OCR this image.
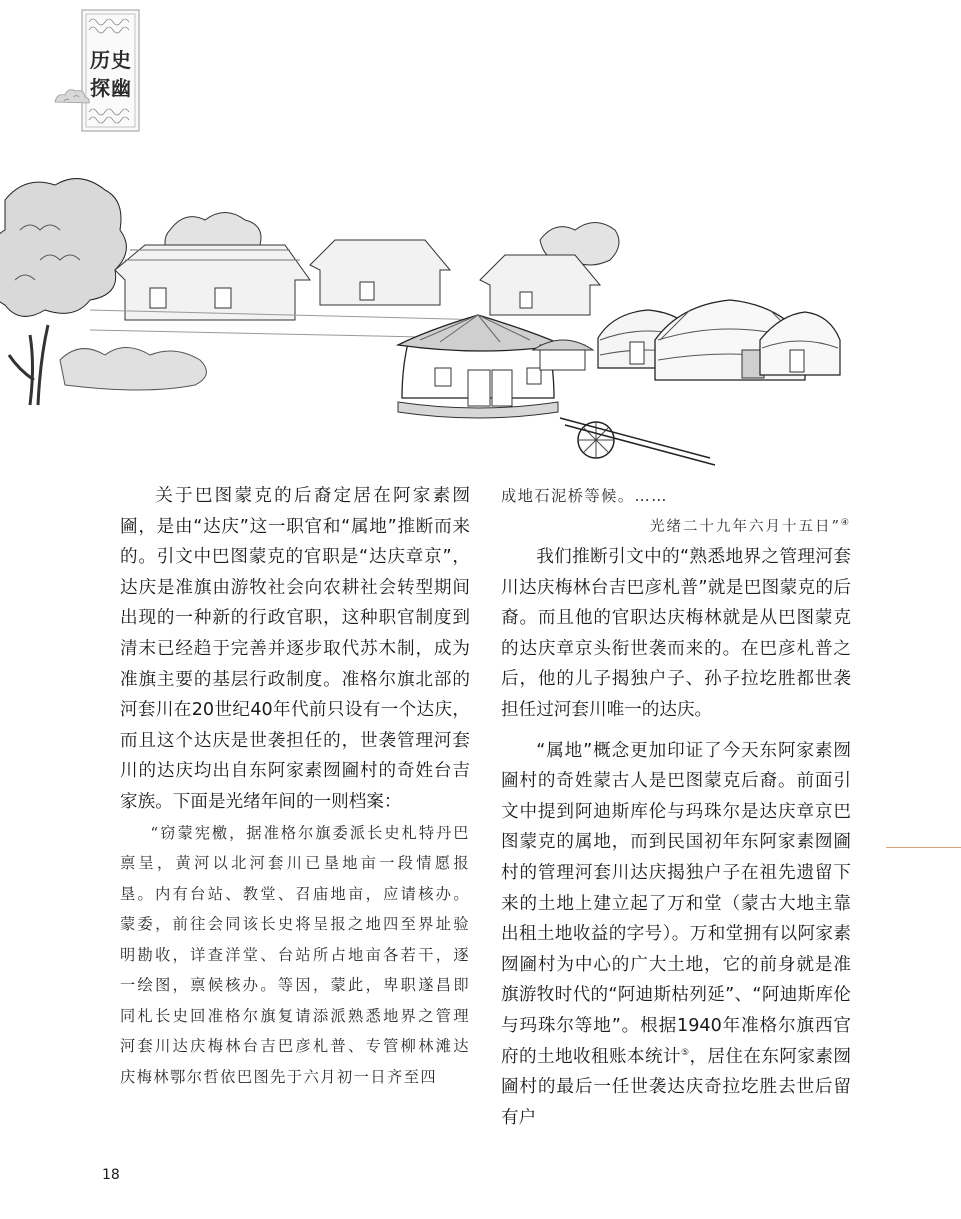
历史
探幽

关于巴图蒙克的后裔定居在阿家素囫圇，是由“达庆”这一职官和“属地”推断而来的。引文中巴图蒙克的官职是“达庆章京”，达庆是准旗由游牧社会向农耕社会转型期间出现的一种新的行政官职，这种职官制度到清末已经趋于完善并逐步取代苏木制，成为准旗主要的基层行政制度。准格尔旗北部的河套川在20世纪40年代前只设有一个达庆，而且这个达庆是世袭担任的，世袭管理河套川的达庆均出自东阿家素囫圇村的奇姓台吉家族。下面是光绪年间的一则档案：

“窃蒙宪檄，据准格尔旗委派长史札特丹巴禀呈，黄河以北河套川已垦地亩一段情愿报垦。内有台站、教堂、召庙地亩，应请核办。蒙委，前往会同该长史将呈报之地四至界址验明勘收，详查洋堂、台站所占地亩各若干，逐一绘图，禀候核办。等因，蒙此，卑职遂昌即同札长史回准格尔旗复请添派熟悉地界之管理河套川达庆梅林台吉巴彦札普、专管柳林滩达庆梅林鄂尔哲依巴图先于六月初一日齐至四

成地石泥桥等候。……

光绪二十九年六月十五日”④

我们推断引文中的“熟悉地界之管理河套川达庆梅林台吉巴彦札普”就是巴图蒙克的后裔。而且他的官职达庆梅林就是从巴图蒙克的达庆章京头衔世袭而来的。在巴彦札普之后，他的儿子揭独户子、孙子拉圪胜都世袭担任过河套川唯一的达庆。

“属地”概念更加印证了今天东阿家素囫圇村的奇姓蒙古人是巴图蒙克后裔。前面引文中提到阿迪斯库伦与玛珠尔是达庆章京巴图蒙克的属地，而到民国初年东阿家素囫圇村的管理河套川达庆揭独户子在祖先遗留下来的土地上建立起了万和堂（蒙古大地主靠出租土地收益的字号）。万和堂拥有以阿家素囫圇村为中心的广大土地，它的前身就是准旗游牧时代的“阿迪斯枯列延”、“阿迪斯库伦与玛珠尔等地”。根据1940年准格尔旗西官府的土地收租账本统计⑤，居住在东阿家素囫圇村的最后一任世袭达庆奇拉圪胜去世后留有户

18
